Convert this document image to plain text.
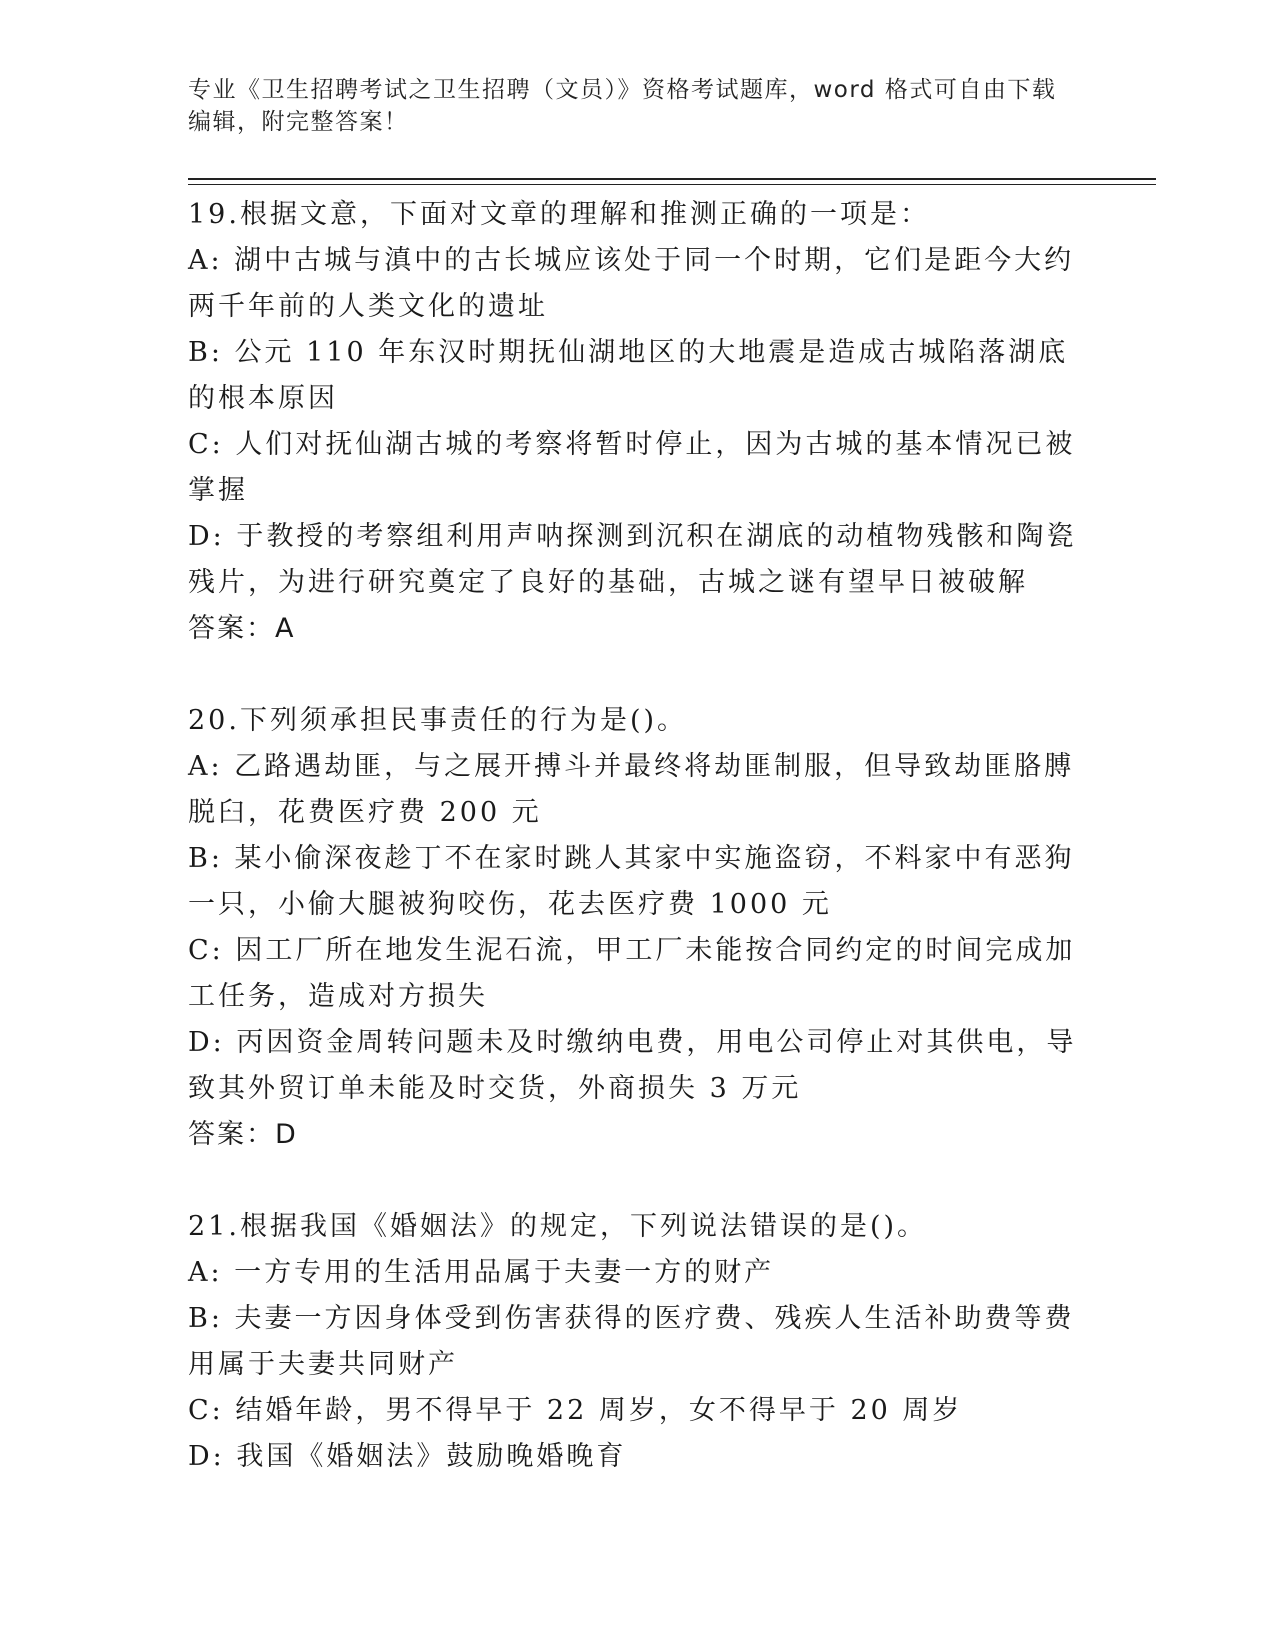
专业《卫生招聘考试之卫生招聘（文员）》资格考试题库，word 格式可自由下载
编辑，附完整答案！

19.根据文意，下面对文章的理解和推测正确的一项是：

A: 湖中古城与滇中的古长城应该处于同一个时期，它们是距今大约两千年前的人类文化的遗址

B: 公元 110 年东汉时期抚仙湖地区的大地震是造成古城陷落湖底的根本原因

C: 人们对抚仙湖古城的考察将暂时停止，因为古城的基本情况已被掌握

D: 于教授的考察组利用声呐探测到沉积在湖底的动植物残骸和陶瓷残片，为进行研究奠定了良好的基础，古城之谜有望早日被破解

答案：A

20.下列须承担民事责任的行为是()。

A: 乙路遇劫匪，与之展开搏斗并最终将劫匪制服，但导致劫匪胳膊脱臼，花费医疗费 200 元

B: 某小偷深夜趁丁不在家时跳人其家中实施盗窃，不料家中有恶狗一只，小偷大腿被狗咬伤，花去医疗费 1000 元

C: 因工厂所在地发生泥石流，甲工厂未能按合同约定的时间完成加工任务，造成对方损失

D: 丙因资金周转问题未及时缴纳电费，用电公司停止对其供电，导致其外贸订单未能及时交货，外商损失 3 万元

答案：D

21.根据我国《婚姻法》的规定，下列说法错误的是()。

A: 一方专用的生活用品属于夫妻一方的财产

B: 夫妻一方因身体受到伤害获得的医疗费、残疾人生活补助费等费用属于夫妻共同财产

C: 结婚年龄，男不得早于 22 周岁，女不得早于 20 周岁

D: 我国《婚姻法》鼓励晚婚晚育
